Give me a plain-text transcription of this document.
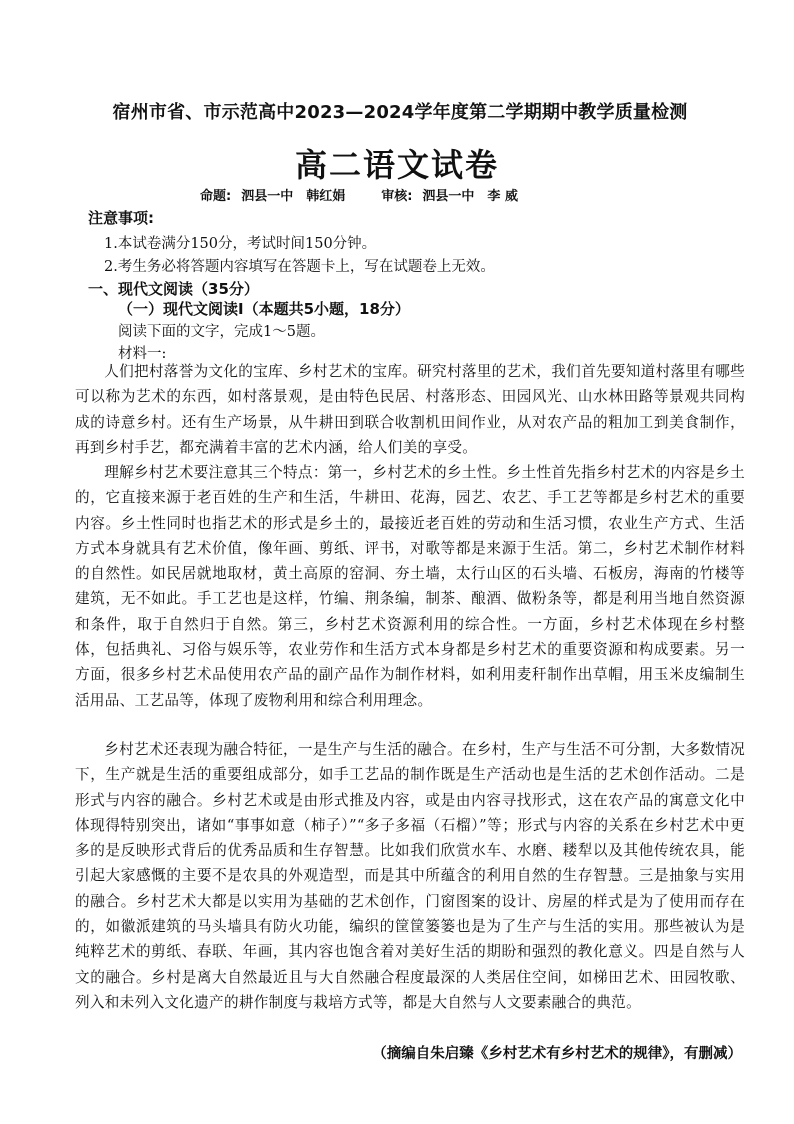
宿州市省、市示范高中2023—2024学年度第二学期期中教学质量检测
高二语文试卷
命题: 泗县一中　韩红娟	审核: 泗县一中　李 威
注意事项:
1.本试卷满分150分，考试时间150分钟。
2.考生务必将答题内容填写在答题卡上，写在试题卷上无效。
一、现代文阅读（35分）
（一）现代文阅读Ⅰ（本题共5小题，18分）
阅读下面的文字，完成1～5题。
材料一:
人们把村落誉为文化的宝库、乡村艺术的宝库。研究村落里的艺术，我们首先要知道村落里有哪些可以称为艺术的东西，如村落景观，是由特色民居、村落形态、田园风光、山水林田路等景观共同构成的诗意乡村。还有生产场景，从牛耕田到联合收割机田间作业，从对农产品的粗加工到美食制作，再到乡村手艺，都充满着丰富的艺术内涵，给人们美的享受。
理解乡村艺术要注意其三个特点：第一，乡村艺术的乡土性。乡土性首先指乡村艺术的内容是乡土的，它直接来源于老百姓的生产和生活，牛耕田、花海，园艺、农艺、手工艺等都是乡村艺术的重要内容。乡土性同时也指艺术的形式是乡土的，最接近老百姓的劳动和生活习惯，农业生产方式、生活方式本身就具有艺术价值，像年画、剪纸、评书，对歌等都是来源于生活。第二，乡村艺术制作材料的自然性。如民居就地取材，黄土高原的窑洞、夯土墙，太行山区的石头墙、石板房，海南的竹楼等建筑，无不如此。手工艺也是这样，竹编、荆条编，制茶、酿酒、做粉条等，都是利用当地自然资源和条件，取于自然归于自然。第三，乡村艺术资源利用的综合性。一方面，乡村艺术体现在乡村整体，包括典礼、习俗与娱乐等，农业劳作和生活方式本身都是乡村艺术的重要资源和构成要素。另一方面，很多乡村艺术品使用农产品的副产品作为制作材料，如利用麦秆制作出草帽，用玉米皮编制生活用品、工艺品等，体现了废物利用和综合利用理念。
乡村艺术还表现为融合特征，一是生产与生活的融合。在乡村，生产与生活不可分割，大多数情况下，生产就是生活的重要组成部分，如手工艺品的制作既是生产活动也是生活的艺术创作活动。二是形式与内容的融合。乡村艺术或是由形式推及内容，或是由内容寻找形式，这在农产品的寓意文化中体现得特别突出，诸如“事事如意（柿子）”“多子多福（石榴）”等；形式与内容的关系在乡村艺术中更多的是反映形式背后的优秀品质和生存智慧。比如我们欣赏水车、水磨、耧犁以及其他传统农具，能引起大家感慨的主要不是农具的外观造型，而是其中所蕴含的利用自然的生存智慧。三是抽象与实用的融合。乡村艺术大都是以实用为基础的艺术创作，门窗图案的设计、房屋的样式是为了使用而存在的，如徽派建筑的马头墙具有防火功能，编织的筐筐篓篓也是为了生产与生活的实用。那些被认为是纯粹艺术的剪纸、春联、年画，其内容也饱含着对美好生活的期盼和强烈的教化意义。四是自然与人文的融合。乡村是离大自然最近且与大自然融合程度最深的人类居住空间，如梯田艺术、田园牧歌、列入和未列入文化遗产的耕作制度与栽培方式等，都是大自然与人文要素融合的典范。
（摘编自朱启臻《乡村艺术有乡村艺术的规律》，有删减）
